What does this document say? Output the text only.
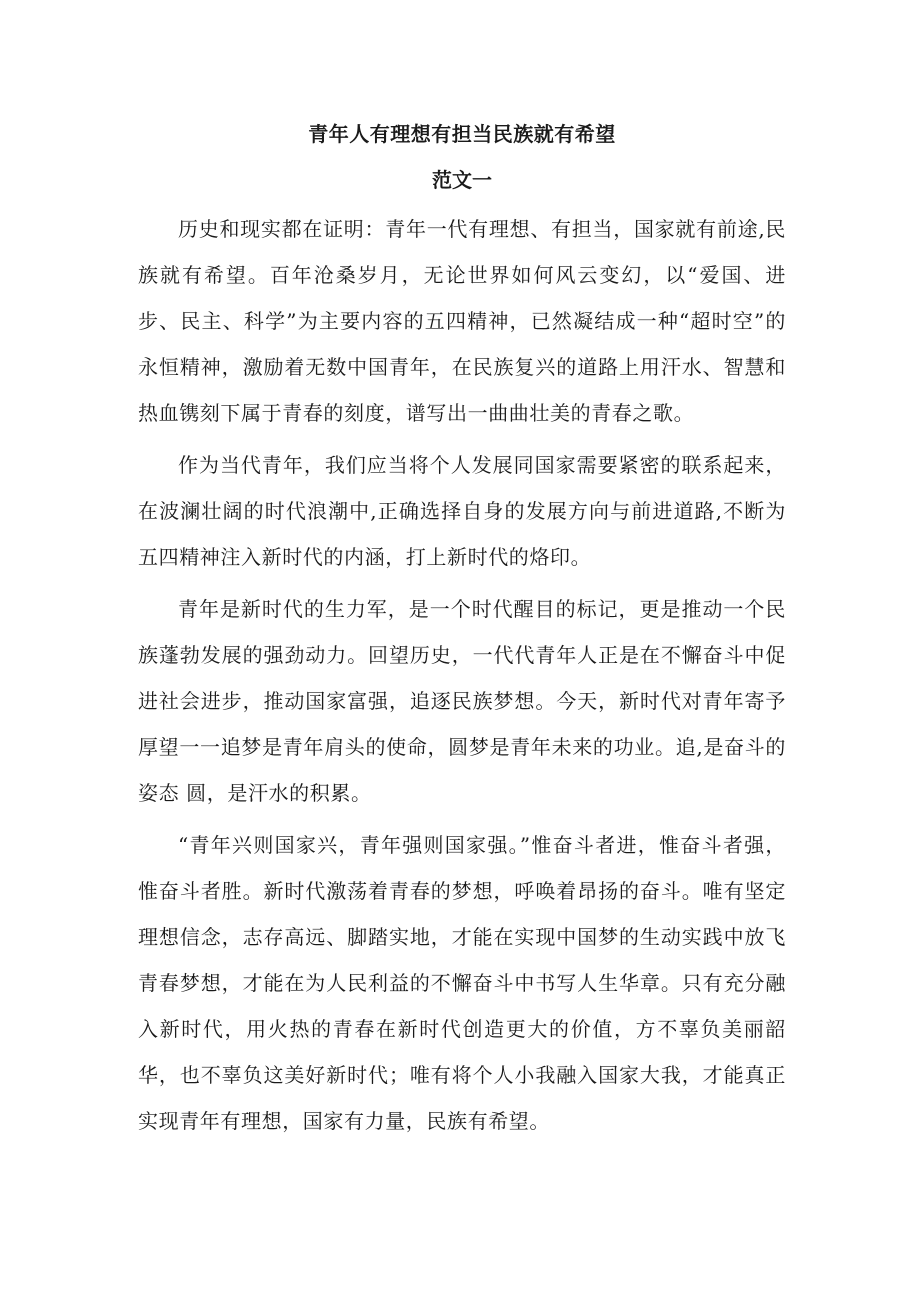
青年人有理想有担当民族就有希望
范文一

历史和现实都在证明：青年一代有理想、有担当，国家就有前途,民族就有希望。百年沧桑岁月，无论世界如何风云变幻，以“爱国、进步、民主、科学”为主要内容的五四精神，已然凝结成一种“超时空”的永恒精神，激励着无数中国青年，在民族复兴的道路上用汗水、智慧和热血镌刻下属于青春的刻度，谱写出一曲曲壮美的青春之歌。

作为当代青年，我们应当将个人发展同国家需要紧密的联系起来，在波澜壮阔的时代浪潮中,正确选择自身的发展方向与前进道路,不断为五四精神注入新时代的内涵，打上新时代的烙印。

青年是新时代的生力军，是一个时代醒目的标记，更是推动一个民族蓬勃发展的强劲动力。回望历史，一代代青年人正是在不懈奋斗中促进社会进步，推动国家富强，追逐民族梦想。今天，新时代对青年寄予厚望一一追梦是青年肩头的使命，圆梦是青年未来的功业。追,是奋斗的姿态 圆，是汗水的积累。

“青年兴则国家兴，青年强则国家强。”惟奋斗者进，惟奋斗者强，惟奋斗者胜。新时代激荡着青春的梦想，呼唤着昂扬的奋斗。唯有坚定理想信念，志存高远、脚踏实地，才能在实现中国梦的生动实践中放飞青春梦想，才能在为人民利益的不懈奋斗中书写人生华章。只有充分融入新时代，用火热的青春在新时代创造更大的价值，方不辜负美丽韶华，也不辜负这美好新时代；唯有将个人小我融入国家大我，才能真正实现青年有理想，国家有力量，民族有希望。
